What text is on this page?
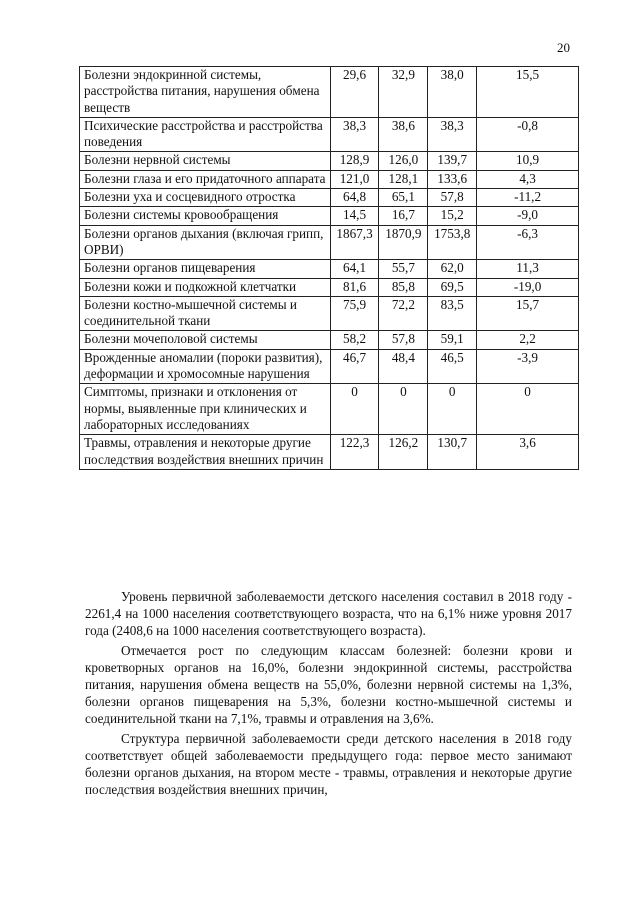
20
Болезни эндокринной системы, расстройства питания, нарушения обмена веществ	29,6	32,9	38,0	15,5
Психические расстройства и расстройства поведения	38,3	38,6	38,3	-0,8
Болезни нервной системы	128,9	126,0	139,7	10,9
Болезни глаза и его придаточного аппарата	121,0	128,1	133,6	4,3
Болезни уха и сосцевидного отростка	64,8	65,1	57,8	-11,2
Болезни системы кровообращения	14,5	16,7	15,2	-9,0
Болезни органов дыхания (включая грипп, ОРВИ)	1867,3	1870,9	1753,8	-6,3
Болезни органов пищеварения	64,1	55,7	62,0	11,3
Болезни кожи и подкожной клетчатки	81,6	85,8	69,5	-19,0
Болезни костно-мышечной системы и соединительной ткани	75,9	72,2	83,5	15,7
Болезни мочеполовой системы	58,2	57,8	59,1	2,2
Врожденные аномалии (пороки развития), деформации и хромосомные нарушения	46,7	48,4	46,5	-3,9
Симптомы, признаки и отклонения от нормы, выявленные при клинических и лабораторных исследованиях	0	0	0	0
Травмы, отравления и некоторые другие последствия воздействия внешних причин	122,3	126,2	130,7	3,6

Уровень первичной заболеваемости детского населения составил в 2018 году - 2261,4 на 1000 населения соответствующего возраста, что на 6,1% ниже уровня 2017 года (2408,6 на 1000 населения соответствующего возраста).

Отмечается рост по следующим классам болезней: болезни крови и кроветворных органов на 16,0%, болезни эндокринной системы, расстройства питания, нарушения обмена веществ на 55,0%, болезни нервной системы на 1,3%, болезни органов пищеварения на 5,3%, болезни костно-мышечной системы и соединительной ткани на 7,1%, травмы и отравления на 3,6%.

Структура первичной заболеваемости среди детского населения в 2018 году соответствует общей заболеваемости предыдущего года: первое место занимают болезни органов дыхания, на втором месте - травмы, отравления и некоторые другие последствия воздействия внешних причин,
